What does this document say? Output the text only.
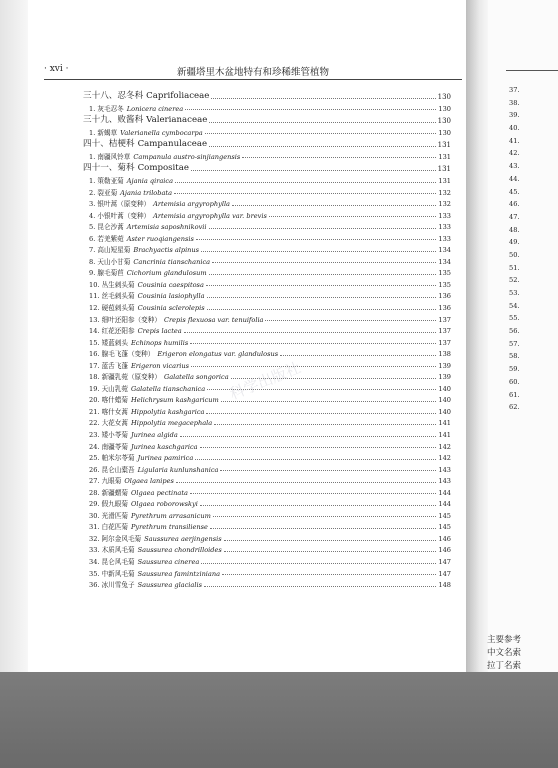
· xvi ·	新疆塔里木盆地特有和珍稀维管植物
三十八、忍冬科 Caprifoliaceae	130
1. 灰毛忍冬 Lonicera cinerea	130
三十九、败酱科 Valerianaceae	130
1. 新蝎草 Valerianella cymbocarpa	130
四十、桔梗科 Campanulaceae	131
1. 南疆风铃草 Campanula austro-sinjiangensis	131
四十一、菊科 Compositae	131
1. 策勒亚菊 Ajania qiraica	131
2. 裂亚菊 Ajania trilobata	132
3. 银叶蒿（原变种） Artemisia argyrophylla	132
4. 小银叶蒿（变种） Artemisia argyrophylla var. brevis	133
5. 昆仑沙蒿 Artemisia saposhnikovii	133
6. 若羌紫菀 Aster ruoqiangensis	133
7. 高山短星菊 Brachyactis alpinus	134
8. 天山小甘菊 Cancrinia tianschanica	134
9. 腺毛菊苣 Cichorium glandulosum	135
10. 丛生刺头菊 Cousinia caespitosa	135
11. 丝毛刺头菊 Cousinia lasiophylla	136
12. 硬苞刺头菊 Cousinia sclerolepis	136
13. 细叶还阳参（变种） Crepis flexuosa var. tenuifolia	137
14. 红花还阳参 Crepis lactea	137
15. 矮蓝刺头 Echinops humilis	137
16. 腺毛飞蓬（变种） Erigeron elongatus var. glandulosus	138
17. 蓝舌飞蓬 Erigeron vicarius	139
18. 新疆乳菀（原变种） Galatella songorica	139
19. 天山乳菀 Galatella tianschanica	140
20. 喀什蜡菊 Helichrysum kashgaricum	140
21. 喀什女蒿 Hippolytia kashgarica	140
22. 大花女蒿 Hippolytia megacephala	141
23. 矮小苓菊 Jurinea algida	141
24. 南疆苓菊 Jurinea kaschgarica	142
25. 帕米尔苓菊 Jurinea pamirica	142
26. 昆仑山橐吾 Ligularia kunlunshanica	143
27. 九眼菊 Olgaea lanipes	143
28. 新疆蝟菊 Olgaea pectinata	144
29. 假九眼菊 Olgaea roborowskyi	144
30. 光滑匹菊 Pyrethrum arrasanicum	145
31. 白花匹菊 Pyrethrum transiliense	145
32. 阿尔金风毛菊 Saussurea aerjingensis	146
33. 木质风毛菊 Saussurea chondrilloides	146
34. 昆仑风毛菊 Saussurea cinerea	147
35. 中新风毛菊 Saussurea famintziniana	147
36. 冰川雪兔子 Saussurea glacialis	148
科学出版社
37.
38.
39.
40.
41.
42.
43.
44.
45.
46.
47.
48.
49.
50.
51.
52.
53.
54.
55.
56.
57.
58.
59.
60.
61.
62.
主要参考
中文名索
拉丁名索
